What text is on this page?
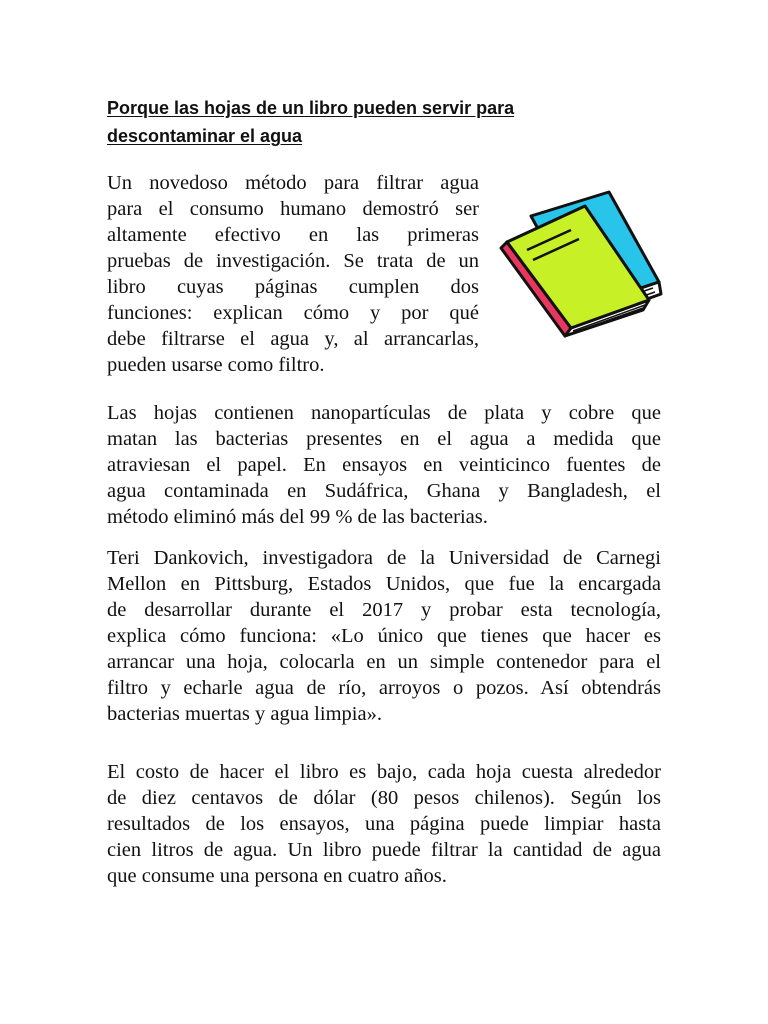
Porque las hojas de un libro pueden servir para
descontaminar el agua

Un novedoso método para filtrar agua
para el consumo humano demostró ser
altamente efectivo en las primeras
pruebas de investigación. Se trata de un
libro cuyas páginas cumplen dos
funciones: explican cómo y por qué
debe filtrarse el agua y, al arrancarlas,
pueden usarse como filtro.

Las hojas contienen nanopartículas de plata y cobre que
matan las bacterias presentes en el agua a medida que
atraviesan el papel. En ensayos en veinticinco fuentes de
agua contaminada en Sudáfrica, Ghana y Bangladesh, el
método eliminó más del 99 % de las bacterias.

Teri Dankovich, investigadora de la Universidad de Carnegi
Mellon en Pittsburg, Estados Unidos, que fue la encargada
de desarrollar durante el 2017 y probar esta tecnología,
explica cómo funciona: «Lo único que tienes que hacer es
arrancar una hoja, colocarla en un simple contenedor para el
filtro y echarle agua de río, arroyos o pozos. Así obtendrás
bacterias muertas y agua limpia».

El costo de hacer el libro es bajo, cada hoja cuesta alrededor
de diez centavos de dólar (80 pesos chilenos). Según los
resultados de los ensayos, una página puede limpiar hasta
cien litros de agua. Un libro puede filtrar la cantidad de agua
que consume una persona en cuatro años.
